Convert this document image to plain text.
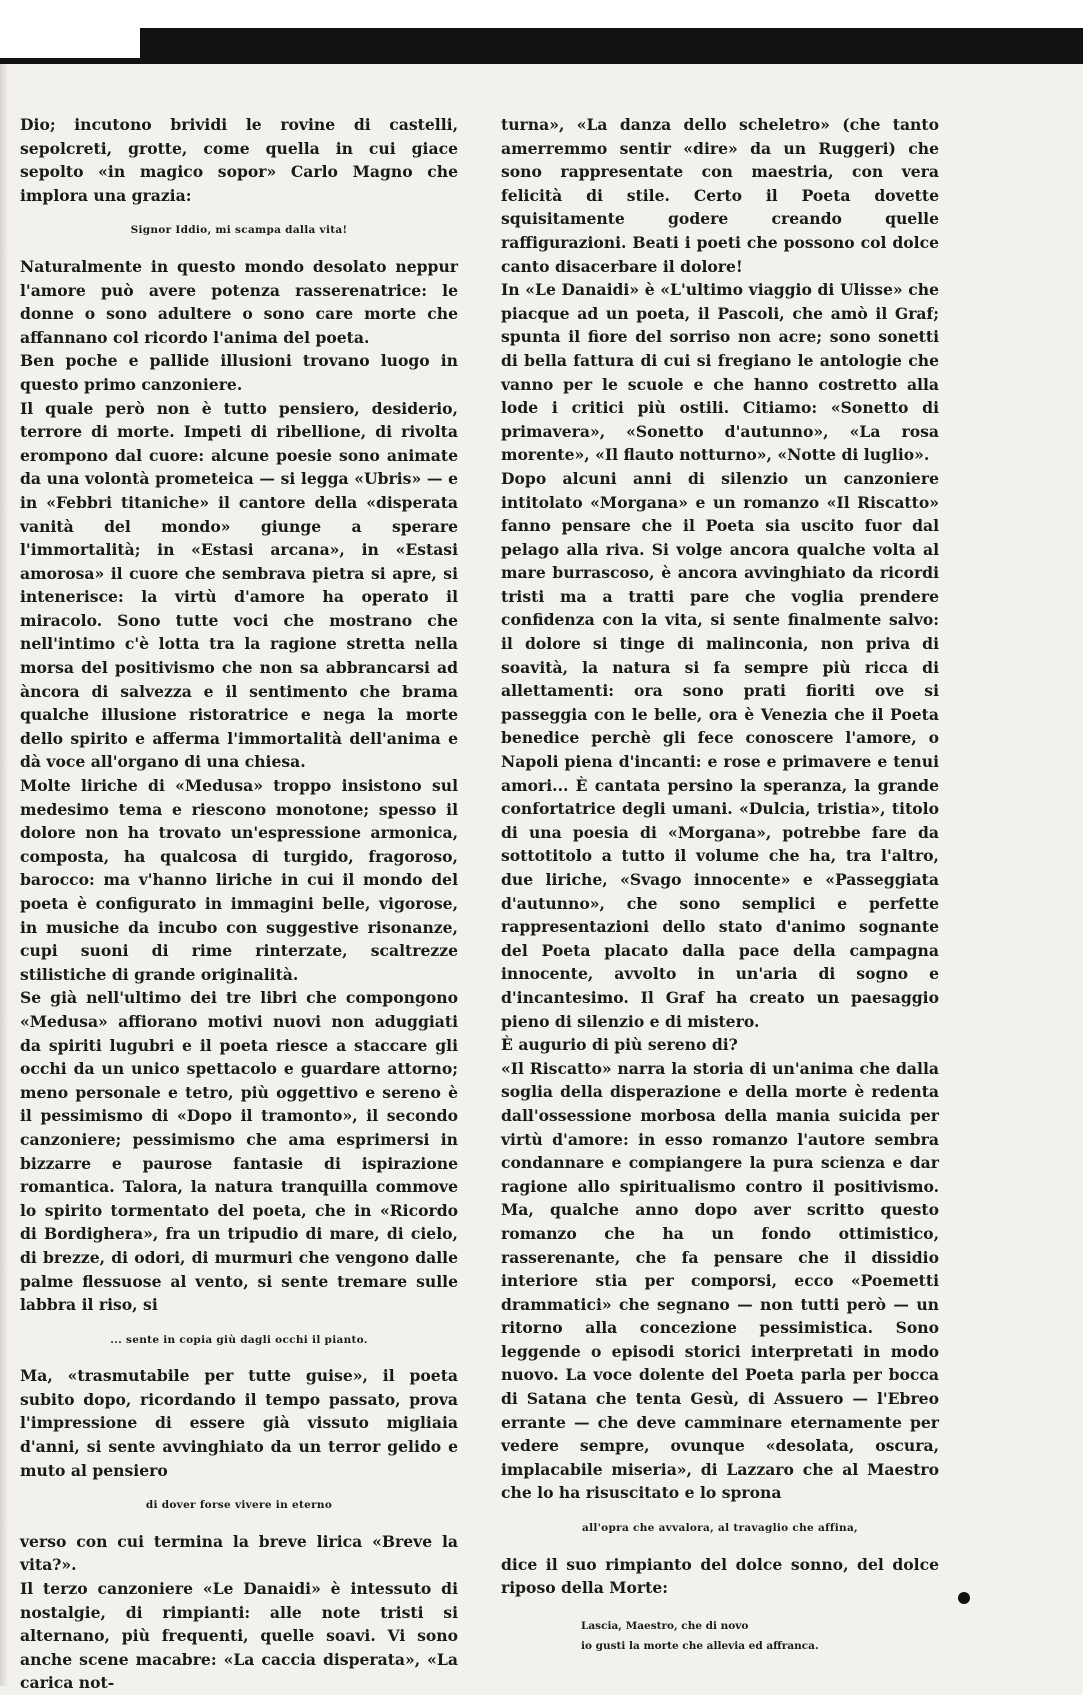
Dio; incutono brividi le rovine di castelli, sepolcreti, grotte, come quella in cui giace sepolto «in magico sopor» Carlo Magno che implora una grazia:

Signor Iddio, mi scampa dalla vita!

Naturalmente in questo mondo desolato neppur l'amore può avere potenza rasserenatrice: le donne o sono adultere o sono care morte che affannano col ricordo l'anima del poeta.

Ben poche e pallide illusioni trovano luogo in questo primo canzoniere.

Il quale però non è tutto pensiero, desiderio, terrore di morte. Impeti di ribellione, di rivolta erompono dal cuore: alcune poesie sono animate da una volontà prometeica — si legga «Ubris» — e in «Febbri titaniche» il cantore della «disperata vanità del mondo» giunge a sperare l'immortalità; in «Estasi arcana», in «Estasi amorosa» il cuore che sembrava pietra si apre, si intenerisce: la virtù d'amore ha operato il miracolo. Sono tutte voci che mostrano che nell'intimo c'è lotta tra la ragione stretta nella morsa del positivismo che non sa abbrancarsi ad àncora di salvezza e il sentimento che brama qualche illusione ristoratrice e nega la morte dello spirito e afferma l'immortalità dell'anima e dà voce all'organo di una chiesa.

Molte liriche di «Medusa» troppo insistono sul medesimo tema e riescono monotone; spesso il dolore non ha trovato un'espressione armonica, composta, ha qualcosa di turgido, fragoroso, barocco: ma v'hanno liriche in cui il mondo del poeta è configurato in immagini belle, vigorose, in musiche da incubo con suggestive risonanze, cupi suoni di rime rinterzate, scaltrezze stilistiche di grande originalità.

Se già nell'ultimo dei tre libri che compongono «Medusa» affiorano motivi nuovi non aduggiati da spiriti lugubri e il poeta riesce a staccare gli occhi da un unico spettacolo e guardare attorno; meno personale e tetro, più oggettivo e sereno è il pessimismo di «Dopo il tramonto», il secondo canzoniere; pessimismo che ama esprimersi in bizzarre e paurose fantasie di ispirazione romantica. Talora, la natura tranquilla commove lo spirito tormentato del poeta, che in «Ricordo di Bordighera», fra un tripudio di mare, di cielo, di brezze, di odori, di murmuri che vengono dalle palme flessuose al vento, si sente tremare sulle labbra il riso, si

... sente in copia giù dagli occhi il pianto.

Ma, «trasmutabile per tutte guise», il poeta subito dopo, ricordando il tempo passato, prova l'impressione di essere già vissuto migliaia d'anni, si sente avvinghiato da un terror gelido e muto al pensiero

di dover forse vivere in eterno

verso con cui termina la breve lirica «Breve la vita?».

Il terzo canzoniere «Le Danaidi» è intessuto di nostalgie, di rimpianti: alle note tristi si alternano, più frequenti, quelle soavi. Vi sono anche scene macabre: «La caccia disperata», «La carica not-

turna», «La danza dello scheletro» (che tanto amerremmo sentir «dire» da un Ruggeri) che sono rappresentate con maestria, con vera felicità di stile. Certo il Poeta dovette squisitamente godere creando quelle raffigurazioni. Beati i poeti che possono col dolce canto disacerbare il dolore!

In «Le Danaidi» è «L'ultimo viaggio di Ulisse» che piacque ad un poeta, il Pascoli, che amò il Graf; spunta il fiore del sorriso non acre; sono sonetti di bella fattura di cui si fregiano le antologie che vanno per le scuole e che hanno costretto alla lode i critici più ostili. Citiamo: «Sonetto di primavera», «Sonetto d'autunno», «La rosa morente», «Il flauto notturno», «Notte di luglio».

Dopo alcuni anni di silenzio un canzoniere intitolato «Morgana» e un romanzo «Il Riscatto» fanno pensare che il Poeta sia uscito fuor dal pelago alla riva. Si volge ancora qualche volta al mare burrascoso, è ancora avvinghiato da ricordi tristi ma a tratti pare che voglia prendere confidenza con la vita, si sente finalmente salvo: il dolore si tinge di malinconia, non priva di soavità, la natura si fa sempre più ricca di allettamenti: ora sono prati fioriti ove si passeggia con le belle, ora è Venezia che il Poeta benedice perchè gli fece conoscere l'amore, o Napoli piena d'incanti: e rose e primavere e tenui amori... È cantata persino la speranza, la grande confortatrice degli umani. «Dulcia, tristia», titolo di una poesia di «Morgana», potrebbe fare da sottotitolo a tutto il volume che ha, tra l'altro, due liriche, «Svago innocente» e «Passeggiata d'autunno», che sono semplici e perfette rappresentazioni dello stato d'animo sognante del Poeta placato dalla pace della campagna innocente, avvolto in un'aria di sogno e d'incantesimo. Il Graf ha creato un paesaggio pieno di silenzio e di mistero.

È augurio di più sereno di?

«Il Riscatto» narra la storia di un'anima che dalla soglia della disperazione e della morte è redenta dall'ossessione morbosa della mania suicida per virtù d'amore: in esso romanzo l'autore sembra condannare e compiangere la pura scienza e dar ragione allo spiritualismo contro il positivismo. Ma, qualche anno dopo aver scritto questo romanzo che ha un fondo ottimistico, rasserenante, che fa pensare che il dissidio interiore stia per comporsi, ecco «Poemetti drammatici» che segnano — non tutti però — un ritorno alla concezione pessimistica. Sono leggende o episodi storici interpretati in modo nuovo. La voce dolente del Poeta parla per bocca di Satana che tenta Gesù, di Assuero — l'Ebreo errante — che deve camminare eternamente per vedere sempre, ovunque «desolata, oscura, implacabile miseria», di Lazzaro che al Maestro che lo ha risuscitato e lo sprona

all'opra che avvalora, al travaglio che affina,

dice il suo rimpianto del dolce sonno, del dolce riposo della Morte:

Lascia, Maestro, che di novo
io gusti la morte che allevia ed affranca.
